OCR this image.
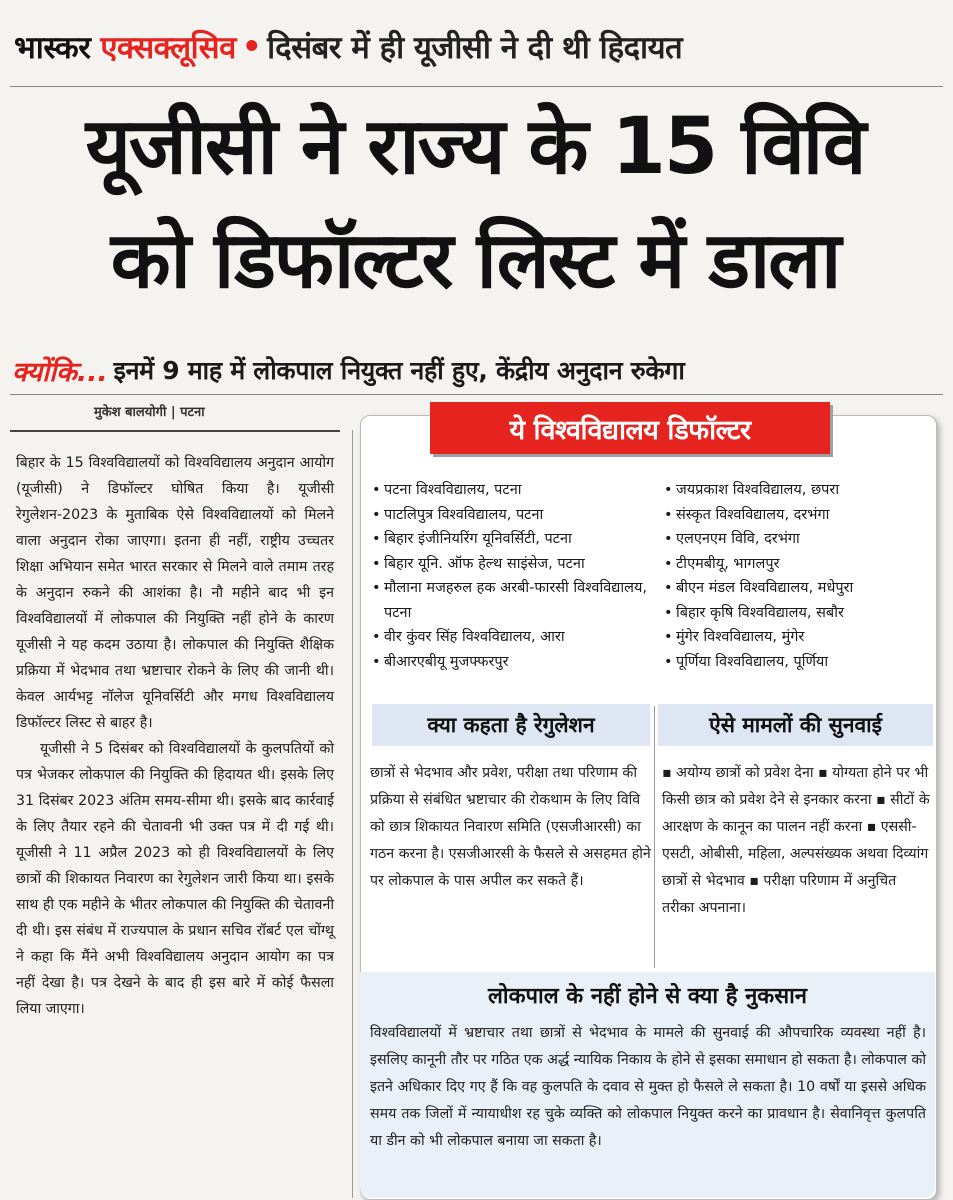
भास्कर एक्सक्लूसिव • दिसंबर में ही यूजीसी ने दी थी हिदायत
यूजीसी ने राज्य के 15 विवि
को डिफॉल्टर लिस्ट में डाला
क्योंकि... इनमें 9 माह में लोकपाल नियुक्त नहीं हुए, केंद्रीय अनुदान रुकेगा
मुकेश बालयोगी | पटना

बिहार के 15 विश्वविद्यालयों को विश्वविद्यालय अनुदान आयोग (यूजीसी) ने डिफॉल्टर घोषित किया है। यूजीसी रेगुलेशन-2023 के मुताबिक ऐसे विश्वविद्यालयों को मिलने वाला अनुदान रोका जाएगा। इतना ही नहीं, राष्ट्रीय उच्चतर शिक्षा अभियान समेत भारत सरकार से मिलने वाले तमाम तरह के अनुदान रुकने की आशंका है। नौ महीने बाद भी इन विश्वविद्यालयों में लोकपाल की नियुक्ति नहीं होने के कारण यूजीसी ने यह कदम उठाया है। लोकपाल की नियुक्ति शैक्षिक प्रक्रिया में भेदभाव तथा भ्रष्टाचार रोकने के लिए की जानी थी। केवल आर्यभट्ट नॉलेज यूनिवर्सिटी और मगध विश्वविद्यालय डिफॉल्टर लिस्ट से बाहर है।

यूजीसी ने 5 दिसंबर को विश्वविद्यालयों के कुलपतियों को पत्र भेजकर लोकपाल की नियुक्ति की हिदायत थी। इसके लिए 31 दिसंबर 2023 अंतिम समय-सीमा थी। इसके बाद कार्रवाई के लिए तैयार रहने की चेतावनी भी उक्त पत्र में दी गई थी। यूजीसी ने 11 अप्रैल 2023 को ही विश्वविद्यालयों के लिए छात्रों की शिकायत निवारण का रेगुलेशन जारी किया था। इसके साथ ही एक महीने के भीतर लोकपाल की नियुक्ति की चेतावनी दी थी। इस संबंध में राज्यपाल के प्रधान सचिव रॉबर्ट एल चोंग्थू ने कहा कि मैंने अभी विश्वविद्यालय अनुदान आयोग का पत्र नहीं देखा है। पत्र देखने के बाद ही इस बारे में कोई फैसला लिया जाएगा।

ये विश्वविद्यालय डिफॉल्टर
• पटना विश्वविद्यालय, पटना
• पाटलिपुत्र विश्वविद्यालय, पटना
• बिहार इंजीनियरिंग यूनिवर्सिटी, पटना
• बिहार यूनि. ऑफ हेल्थ साइंसेज, पटना
• मौलाना मजहरुल हक अरबी-फारसी विश्वविद्यालय, पटना
• वीर कुंवर सिंह विश्वविद्यालय, आरा
• बीआरएबीयू मुजफ्फरपुर
• जयप्रकाश विश्वविद्यालय, छपरा
• संस्कृत विश्वविद्यालय, दरभंगा
• एलएनएम विवि, दरभंगा
• टीएमबीयू, भागलपुर
• बीएन मंडल विश्वविद्यालय, मधेपुरा
• बिहार कृषि विश्वविद्यालय, सबौर
• मुंगेर विश्वविद्यालय, मुंगेर
• पूर्णिया विश्वविद्यालय, पूर्णिया
क्या कहता है रेगुलेशन	ऐसे मामलों की सुनवाई

छात्रों से भेदभाव और प्रवेश, परीक्षा तथा परिणाम की प्रक्रिया से संबंधित भ्रष्टाचार की रोकथाम के लिए विवि को छात्र शिकायत निवारण समिति (एसजीआरसी) का गठन करना है। एसजीआरसी के फैसले से असहमत होने पर लोकपाल के पास अपील कर सकते हैं।

▪ अयोग्य छात्रों को प्रवेश देना ▪ योग्यता होने पर भी किसी छात्र को प्रवेश देने से इनकार करना ▪ सीटों के आरक्षण के कानून का पालन नहीं करना ▪ एससी-एसटी, ओबीसी, महिला, अल्पसंख्यक अथवा दिव्यांग छात्रों से भेदभाव ▪ परीक्षा परिणाम में अनुचित तरीका अपनाना।

लोकपाल के नहीं होने से क्या है नुकसान

विश्वविद्यालयों में भ्रष्टाचार तथा छात्रों से भेदभाव के मामले की सुनवाई की औपचारिक व्यवस्था नहीं है। इसलिए कानूनी तौर पर गठित एक अर्द्ध न्यायिक निकाय के होने से इसका समाधान हो सकता है। लोकपाल को इतने अधिकार दिए गए हैं कि वह कुलपति के दवाव से मुक्त हो फैसले ले सकता है। 10 वर्षों या इससे अधिक समय तक जिलों में न्यायाधीश रह चुके व्यक्ति को लोकपाल नियुक्त करने का प्रावधान है। सेवानिवृत्त कुलपति या डीन को भी लोकपाल बनाया जा सकता है।
